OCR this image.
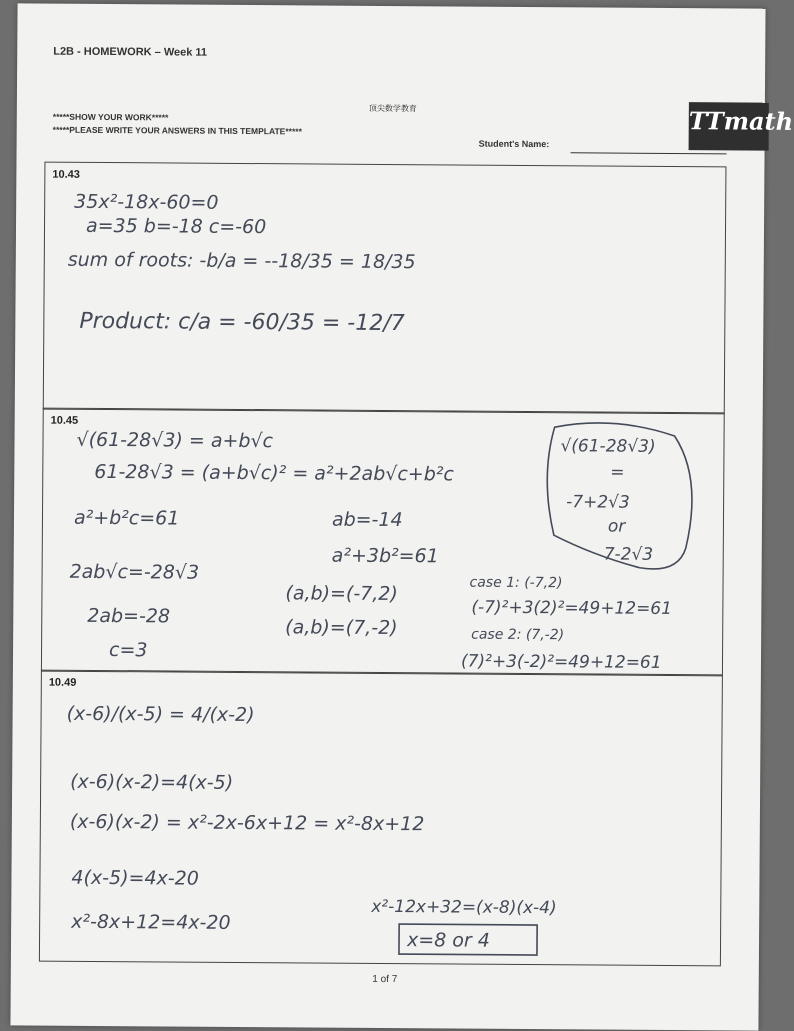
L2B - HOMEWORK – Week 11
TTmath
顶尖数学教育
*****SHOW YOUR WORK*****
*****PLEASE WRITE YOUR ANSWERS IN THIS TEMPLATE*****
Student's Name:
10.43
10.45
10.49
35x²-18x-60=0
a=35 b=-18 c=-60
sum of roots: -b/a = --18/35 = 18/35
Product: c/a = -60/35 = -12/7
√(61-28√3) = a+b√c
61-28√3 = (a+b√c)² = a²+2ab√c+b²c
a²+b²c=61	ab=-14
a²+3b²=61
2ab√c=-28√3
(a,b)=(-7,2)
2ab=-28
(a,b)=(7,-2)
c=3
case 1: (-7,2)
(-7)²+3(2)²=49+12=61
case 2: (7,-2)
(7)²+3(-2)²=49+12=61
√(61-28√3)
=
-7+2√3
or
7-2√3
(x-6)/(x-5) = 4/(x-2)
(x-6)(x-2)=4(x-5)
(x-6)(x-2) = x²-2x-6x+12 = x²-8x+12
4(x-5)=4x-20
x²-8x+12=4x-20
x²-12x+32=(x-8)(x-4)
x=8 or 4
1 of 7
